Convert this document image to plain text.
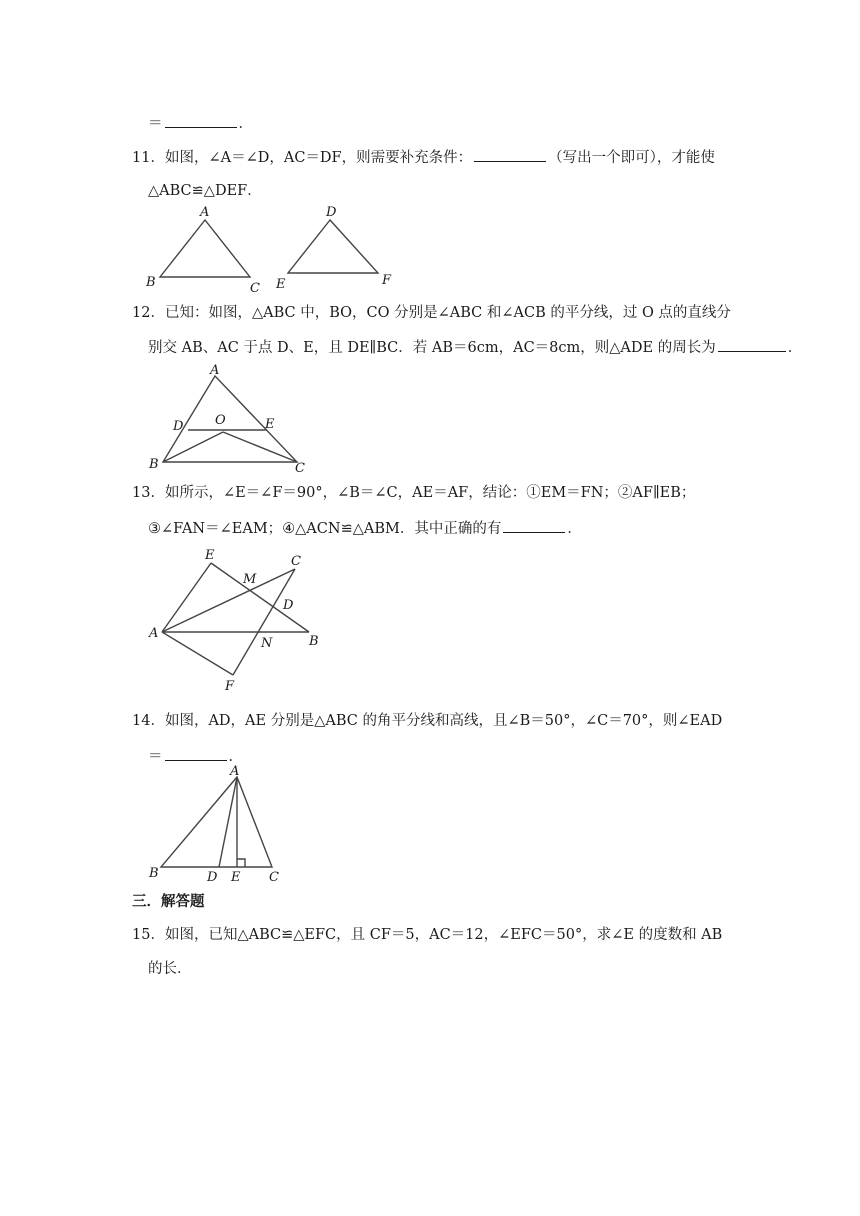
＝	．
11．如图，∠A＝∠D，AC＝DF，则需要补充条件：	（写出一个即可），才能使
△ABC≌△DEF．
A
B	C
D
E	F
12．已知：如图，△ABC 中，BO，CO 分别是∠ABC 和∠ACB 的平分线，过 O 点的直线分
别交 AB、AC 于点 D、E，且 DE∥BC．若 AB＝6cm，AC＝8cm，则△ADE 的周长为	．
A
B	C
D	E
O
13．如所示，∠E＝∠F＝90°，∠B＝∠C，AE＝AF，结论：①EM＝FN；②AF∥EB；
③∠FAN＝∠EAM；④△ACN≌△ABM．其中正确的有	．
A
B
C
D
E
F
M
N
14．如图，AD，AE 分别是△ABC 的角平分线和高线，且∠B＝50°，∠C＝70°，则∠EAD
＝	．
A
B	C
D E
三．解答题
15．如图，已知△ABC≌△EFC，且 CF＝5，AC＝12，∠EFC＝50°，求∠E 的度数和 AB
的长．
